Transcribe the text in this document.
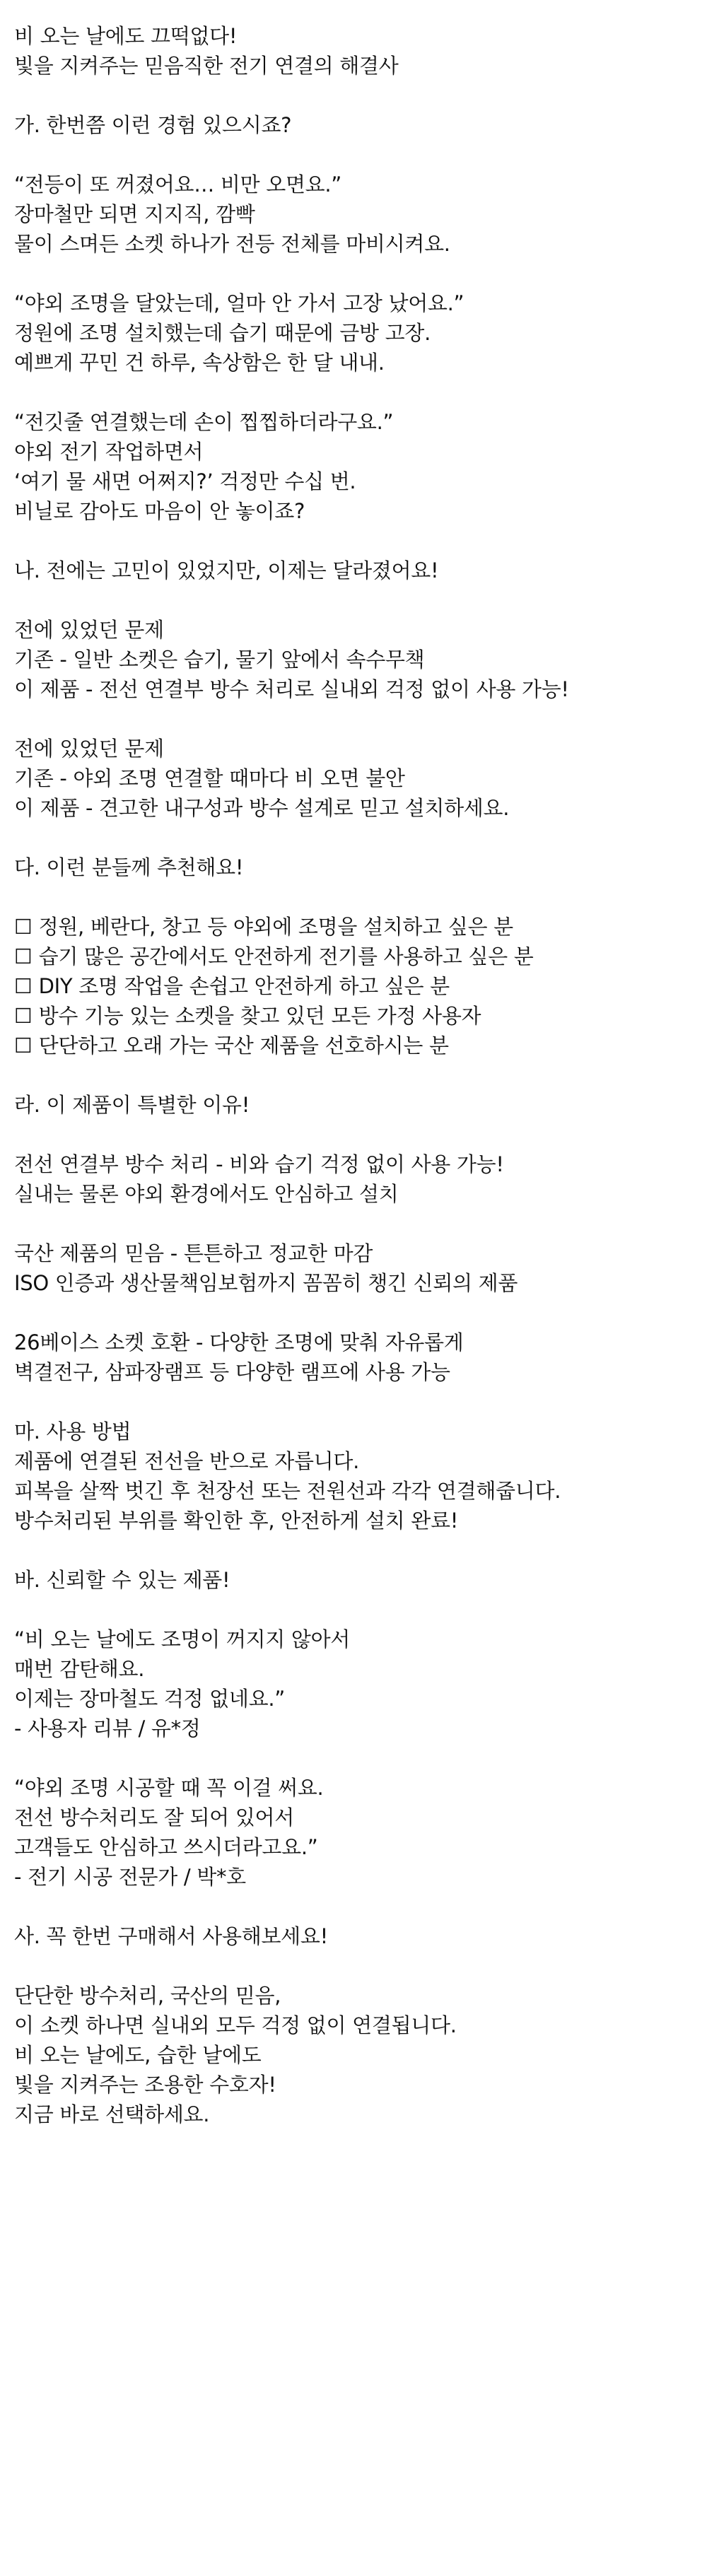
비 오는 날에도 끄떡없다!
빛을 지켜주는 믿음직한 전기 연결의 해결사
가. 한번쯤 이런 경험 있으시죠?
“전등이 또 꺼졌어요… 비만 오면요.”
장마철만 되면 지지직, 깜빡
물이 스며든 소켓 하나가 전등 전체를 마비시켜요.
“야외 조명을 달았는데, 얼마 안 가서 고장 났어요.”
정원에 조명 설치했는데 습기 때문에 금방 고장.
예쁘게 꾸민 건 하루, 속상함은 한 달 내내.
“전깃줄 연결했는데 손이 찝찝하더라구요.”
야외 전기 작업하면서
‘여기 물 새면 어쩌지?’ 걱정만 수십 번.
비닐로 감아도 마음이 안 놓이죠?
나. 전에는 고민이 있었지만, 이제는 달라졌어요!
전에 있었던 문제
기존 - 일반 소켓은 습기, 물기 앞에서 속수무책
이 제품 - 전선 연결부 방수 처리로 실내외 걱정 없이 사용 가능!
전에 있었던 문제
기존 - 야외 조명 연결할 때마다 비 오면 불안
이 제품 - 견고한 내구성과 방수 설계로 믿고 설치하세요.
다. 이런 분들께 추천해요!
☐ 정원, 베란다, 창고 등 야외에 조명을 설치하고 싶은 분
☐ 습기 많은 공간에서도 안전하게 전기를 사용하고 싶은 분
☐ DIY 조명 작업을 손쉽고 안전하게 하고 싶은 분
☐ 방수 기능 있는 소켓을 찾고 있던 모든 가정 사용자
☐ 단단하고 오래 가는 국산 제품을 선호하시는 분
라. 이 제품이 특별한 이유!
전선 연결부 방수 처리 - 비와 습기 걱정 없이 사용 가능!
실내는 물론 야외 환경에서도 안심하고 설치
국산 제품의 믿음 - 튼튼하고 정교한 마감
ISO 인증과 생산물책임보험까지 꼼꼼히 챙긴 신뢰의 제품
26베이스 소켓 호환 - 다양한 조명에 맞춰 자유롭게
벽결전구, 삼파장램프 등 다양한 램프에 사용 가능
마. 사용 방법
제품에 연결된 전선을 반으로 자릅니다.
피복을 살짝 벗긴 후 천장선 또는 전원선과 각각 연결해줍니다.
방수처리된 부위를 확인한 후, 안전하게 설치 완료!
바. 신뢰할 수 있는 제품!
“비 오는 날에도 조명이 꺼지지 않아서
매번 감탄해요.
이제는 장마철도 걱정 없네요.”
- 사용자 리뷰 / 유*정
“야외 조명 시공할 때 꼭 이걸 써요.
전선 방수처리도 잘 되어 있어서
고객들도 안심하고 쓰시더라고요.”
- 전기 시공 전문가 / 박*호
사. 꼭 한번 구매해서 사용해보세요!
단단한 방수처리, 국산의 믿음,
이 소켓 하나면 실내외 모두 걱정 없이 연결됩니다.
비 오는 날에도, 습한 날에도
빛을 지켜주는 조용한 수호자!
지금 바로 선택하세요.
